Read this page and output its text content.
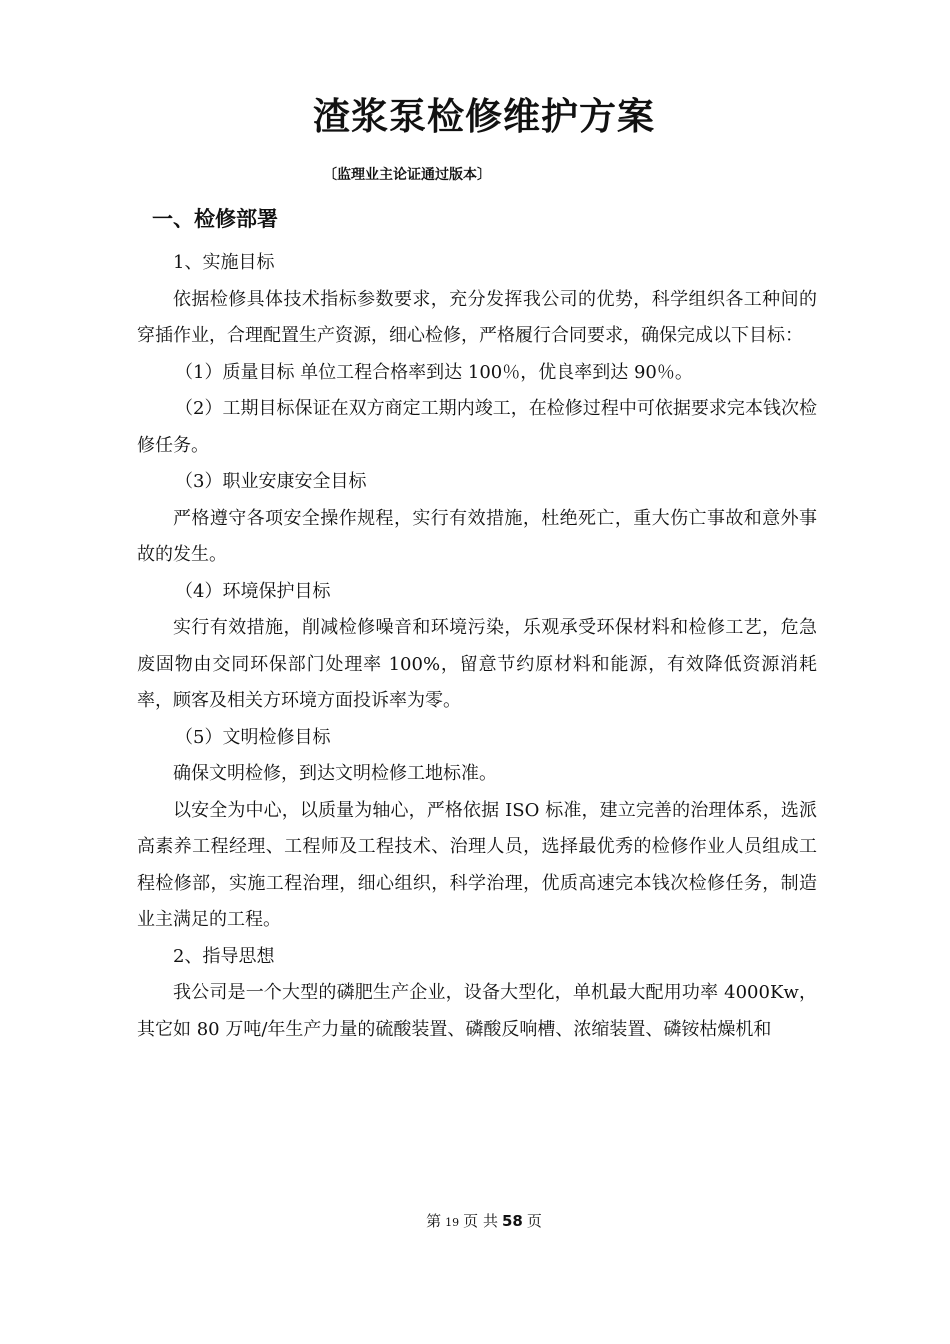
渣浆泵检修维护方案
〔监理业主论证通过版本〕
一、检修部署

1、实施目标

依据检修具体技术指标参数要求，充分发挥我公司的优势，科学组织各工种间的穿插作业，合理配置生产资源，细心检修，严格履行合同要求，确保完成以下目标：

（1）质量目标 单位工程合格率到达 100％，优良率到达 90％。

（2）工期目标保证在双方商定工期内竣工，在检修过程中可依据要求完本钱次检修任务。

（3）职业安康安全目标

严格遵守各项安全操作规程，实行有效措施，杜绝死亡，重大伤亡事故和意外事故的发生。

（4）环境保护目标

实行有效措施，削减检修噪音和环境污染，乐观承受环保材料和检修工艺，危急废固物由交同环保部门处理率 100%，留意节约原材料和能源，有效降低资源消耗率，顾客及相关方环境方面投诉率为零。

（5）文明检修目标

确保文明检修，到达文明检修工地标准。

以安全为中心，以质量为轴心，严格依据 ISO 标准，建立完善的治理体系，选派高素养工程经理、工程师及工程技术、治理人员，选择最优秀的检修作业人员组成工程检修部，实施工程治理，细心组织，科学治理，优质高速完本钱次检修任务，制造业主满足的工程。

2、指导思想

我公司是一个大型的磷肥生产企业，设备大型化，单机最大配用功率 4000Kw，其它如 80 万吨/年生产力量的硫酸装置、磷酸反响槽、浓缩装置、磷铵枯燥机和

第 19 页 共 58 页
